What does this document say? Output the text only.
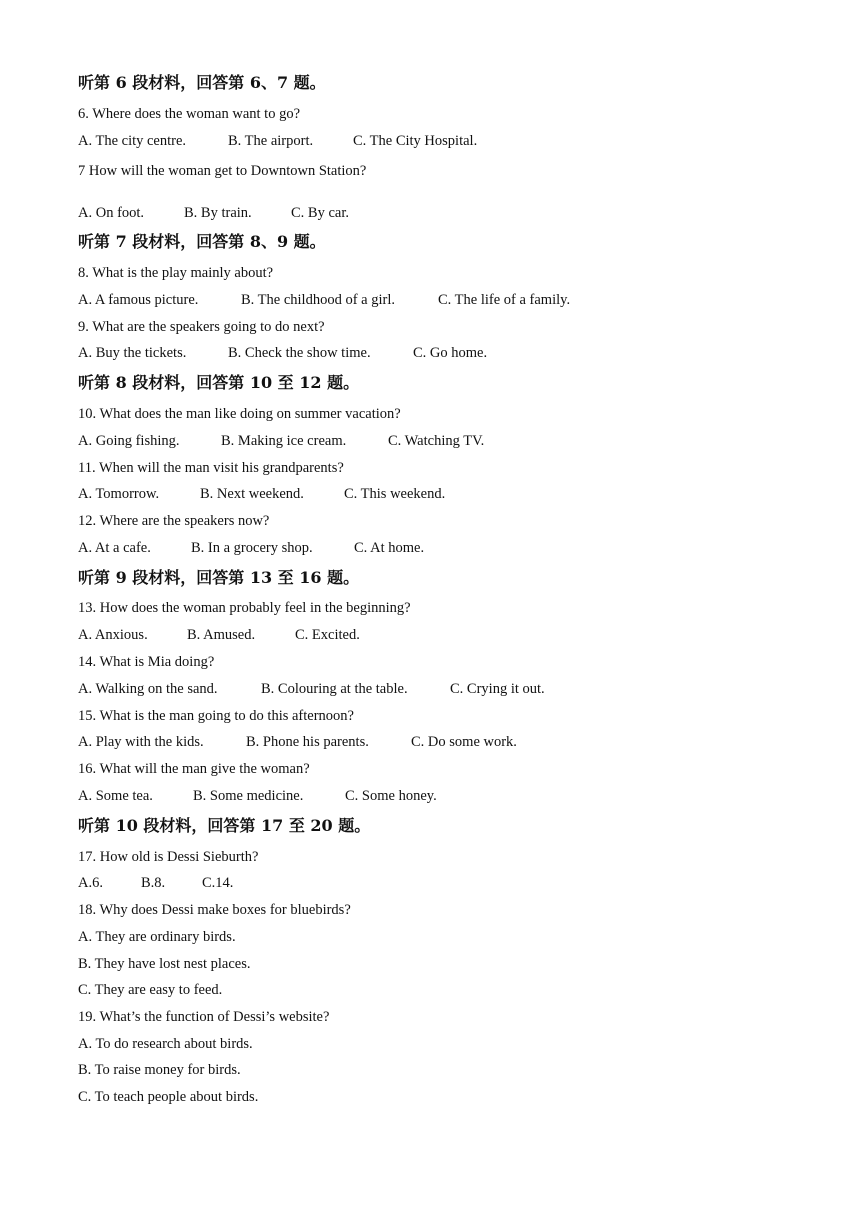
听第 6 段材料，回答第 6、7 题。
6. Where does the woman want to go?
A. The city centre.	B. The airport.	C. The City Hospital.
7 How will the woman get to Downtown Station?
A. On foot.	B. By train.	C. By car.
听第 7 段材料，回答第 8、9 题。
8. What is the play mainly about?
A. A famous picture.	B. The childhood of a girl.	C. The life of a family.
9. What are the speakers going to do next?
A. Buy the tickets.	B. Check the show time.	C. Go home.
听第 8 段材料，回答第 10 至 12 题。
10. What does the man like doing on summer vacation?
A. Going fishing.	B. Making ice cream.	C. Watching TV.
11. When will the man visit his grandparents?
A. Tomorrow.	B. Next weekend.	C. This weekend.
12. Where are the speakers now?
A. At a cafe.	B. In a grocery shop.	C. At home.
听第 9 段材料，回答第 13 至 16 题。
13. How does the woman probably feel in the beginning?
A. Anxious.	B. Amused.	C. Excited.
14. What is Mia doing?
A. Walking on the sand.	B. Colouring at the table.	C. Crying it out.
15. What is the man going to do this afternoon?
A. Play with the kids.	B. Phone his parents.	C. Do some work.
16. What will the man give the woman?
A. Some tea.	B. Some medicine.	C. Some honey.
听第 10 段材料，回答第 17 至 20 题。
17. How old is Dessi Sieburth?
A.6.	B.8.	C.14.
18. Why does Dessi make boxes for bluebirds?
A. They are ordinary birds.
B. They have lost nest places.
C. They are easy to feed.
19. What’s the function of Dessi’s website?
A. To do research about birds.
B. To raise money for birds.
C. To teach people about birds.
